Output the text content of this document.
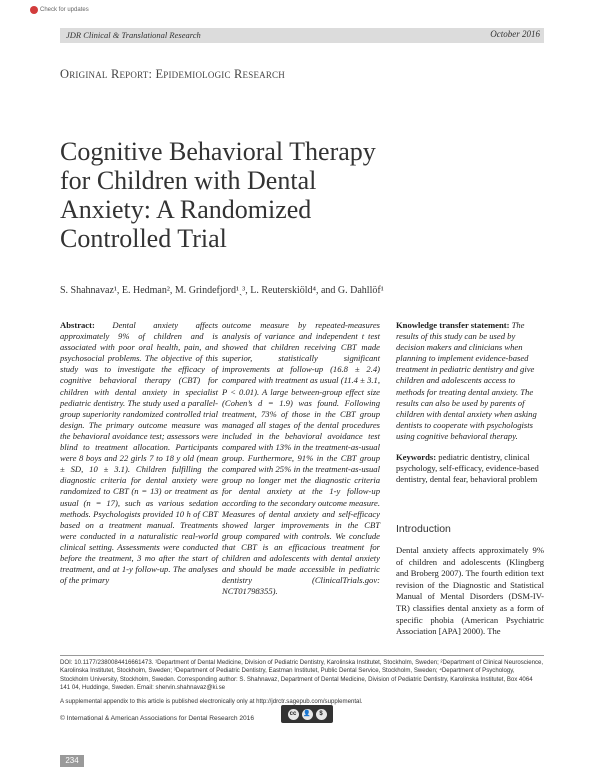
Check for updates
JDR Clinical & Translational Research	October 2016
Original Report: Epidemiologic Research
Cognitive Behavioral Therapy
for Children with Dental
Anxiety: A Randomized
Controlled Trial
S. Shahnavaz¹, E. Hedman², M. Grindefjord¹ˎ³, L. Reuterskiöld⁴, and G. Dahllöf¹
Abstract: Dental anxiety affects approximately 9% of children and is associated with poor oral health, pain, and psychosocial problems. The objective of this study was to investigate the efficacy of cognitive behavioral therapy (CBT) for children with dental anxiety in specialist pediatric dentistry. The study used a parallel-group superiority randomized controlled trial design. The primary outcome measure was the behavioral avoidance test; assessors were blind to treatment allocation. Participants were 8 boys and 22 girls 7 to 18 y old (mean ± SD, 10 ± 3.1). Children fulfilling the diagnostic criteria for dental anxiety were randomized to CBT (n = 13) or treatment as usual (n = 17), such as various sedation methods. Psychologists provided 10 h of CBT based on a treatment manual. Treatments were conducted in a naturalistic real-world clinical setting. Assessments were conducted before the treatment, 3 mo after the start of treatment, and at 1-y follow-up. The analyses of the primary
outcome measure by repeated-measures analysis of variance and independent t test showed that children receiving CBT made superior, statistically significant improvements at follow-up (16.8 ± 2.4) compared with treatment as usual (11.4 ± 3.1, P < 0.01). A large between-group effect size (Cohen’s d = 1.9) was found. Following treatment, 73% of those in the CBT group managed all stages of the dental procedures included in the behavioral avoidance test compared with 13% in the treatment-as-usual group. Furthermore, 91% in the CBT group compared with 25% in the treatment-as-usual group no longer met the diagnostic criteria for dental anxiety at the 1-y follow-up according to the secondary outcome measure. Measures of dental anxiety and self-efficacy showed larger improvements in the CBT group compared with controls. We conclude that CBT is an efficacious treatment for children and adolescents with dental anxiety and should be made accessible in pediatric dentistry (ClinicalTrials.gov: NCT01798355).
Knowledge transfer statement: The results of this study can be used by decision makers and clinicians when planning to implement evidence-based treatment in pediatric dentistry and give children and adolescents access to methods for treating dental anxiety. The results can also be used by parents of children with dental anxiety when asking dentists to cooperate with psychologists using cognitive behavioral therapy.
Keywords: pediatric dentistry, clinical psychology, self-efficacy, evidence-based dentistry, dental fear, behavioral problem
Introduction
Dental anxiety affects approximately 9% of children and adolescents (Klingberg and Broberg 2007). The fourth edition text revision of the Diagnostic and Statistical Manual of Mental Disorders (DSM-IV-TR) classifies dental anxiety as a form of specific phobia (American Psychiatric Association [APA] 2000). The
DOI: 10.1177/2380084416661473. ¹Department of Dental Medicine, Division of Pediatric Dentistry, Karolinska Institutet, Stockholm, Sweden; ²Department of Clinical Neuroscience, Karolinska Institutet, Stockholm, Sweden; ³Department of Pediatric Dentistry, Eastman Institutet, Public Dental Service, Stockholm, Sweden; ⁴Department of Psychology, Stockholm University, Stockholm, Sweden. Corresponding author: S. Shahnavaz, Department of Dental Medicine, Division of Pediatric Dentistry, Karolinska Institutet, Box 4064 141 04, Huddinge, Sweden. Email: shervin.shahnavaz@ki.se
A supplemental appendix to this article is published electronically only at http://jdrctr.sagepub.com/supplemental.
© International & American Associations for Dental Research 2016
cc	👤	$
234
